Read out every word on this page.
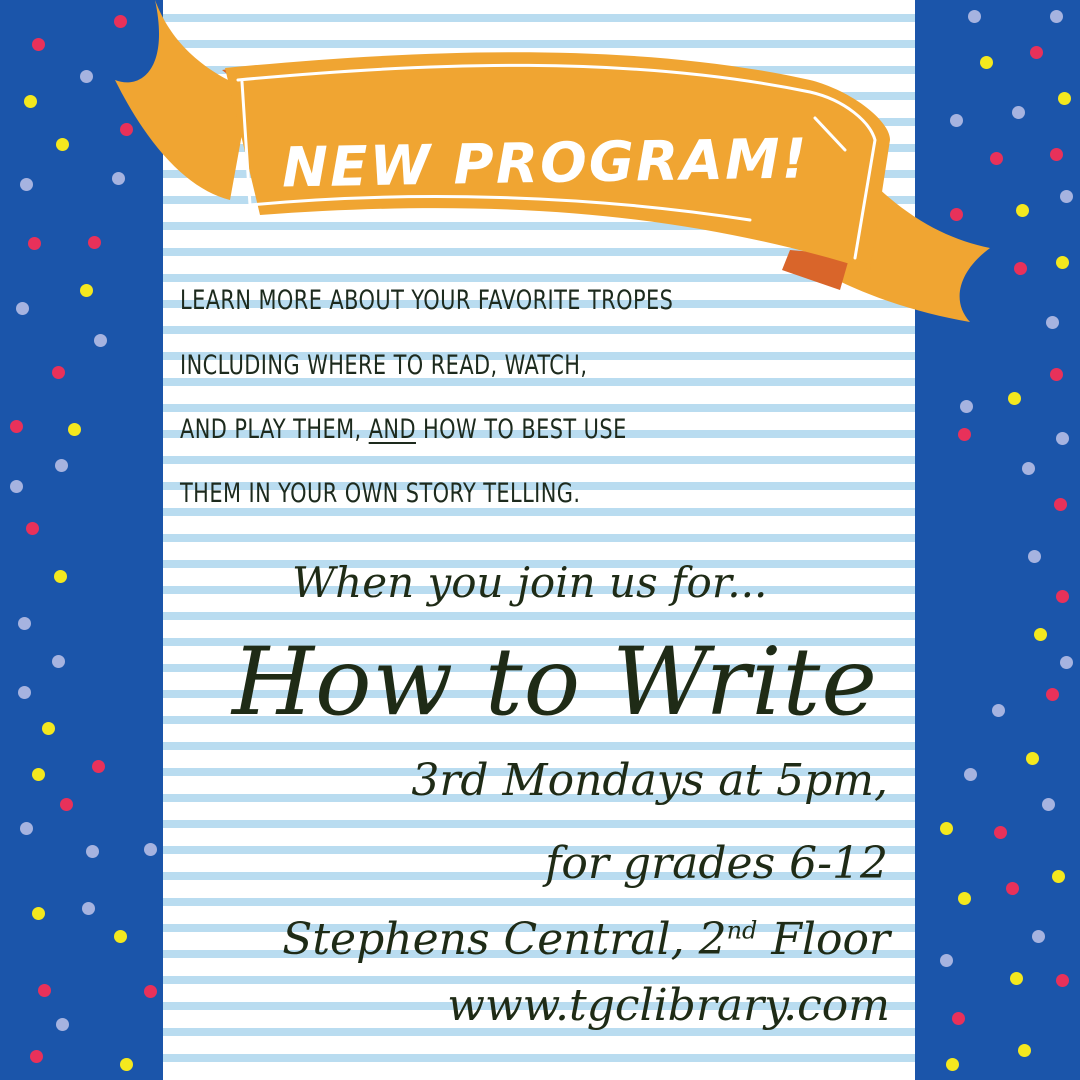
NEW PROGRAM!
LEARN MORE ABOUT YOUR FAVORITE TROPES
INCLUDING WHERE TO READ, WATCH,
AND PLAY THEM, AND HOW TO BEST USE
THEM IN YOUR OWN STORY TELLING.
When you join us for...
How to Write
3rd Mondays at 5pm,
for grades 6-12
Stephens Central, 2nd Floor
www.tgclibrary.com
